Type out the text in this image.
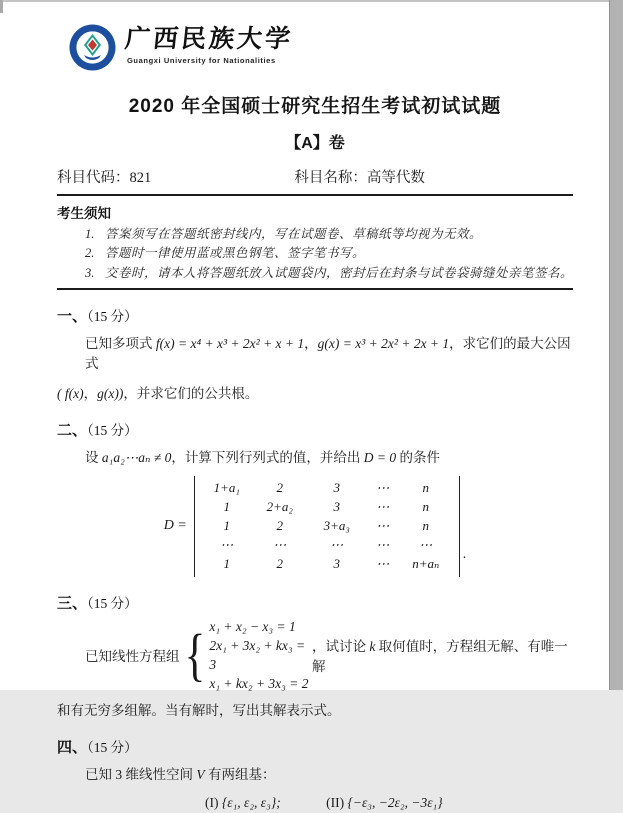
广西民族大学
Guangxi University for Nationalities
2020 年全国硕士研究生招生考试初试试题
【A】卷
科目代码：821	科目名称：高等代数
考生须知
1. 答案须写在答题纸密封线内，写在试题卷、草稿纸等均视为无效。
2. 答题时一律使用蓝或黑色钢笔、签字笔书写。
3. 交卷时，请本人将答题纸放入试题袋内，密封后在封条与试卷袋骑缝处亲笔签名。

一、（15 分）

已知多项式 f(x) = x⁴ + x³ + 2x² + x + 1，g(x) = x³ + 2x² + 2x + 1，求它们的最大公因式

( f(x)，g(x))，并求它们的公共根。

二、（15 分）

设 a₁a₂⋯aₙ ≠ 0，计算下列行列式的值，并给出 D = 0 的条件

D =
1+a₁	2	3	⋯	n
1	2+a₂	3	⋯	n
1	2	3+a₃	⋯	n
⋯	⋯	⋯	⋯	⋯
1	2	3	⋯	n+aₙ
.

三、（15 分）

已知线性方程组 { x₁ + x₂ − x₃ = 1
2x₁ + 3x₂ + kx₃ = 3
x₁ + kx₂ + 3x₃ = 2
，试讨论 k 取何值时，方程组无解、有唯一解

和有无穷多组解。当有解时，写出其解表示式。

四、（15 分）

已知 3 维线性空间 V 有两组基：

(I) {ε₁, ε₂, ε₃};	(II) {−ε₃, −2ε₂, −3ε₁}
